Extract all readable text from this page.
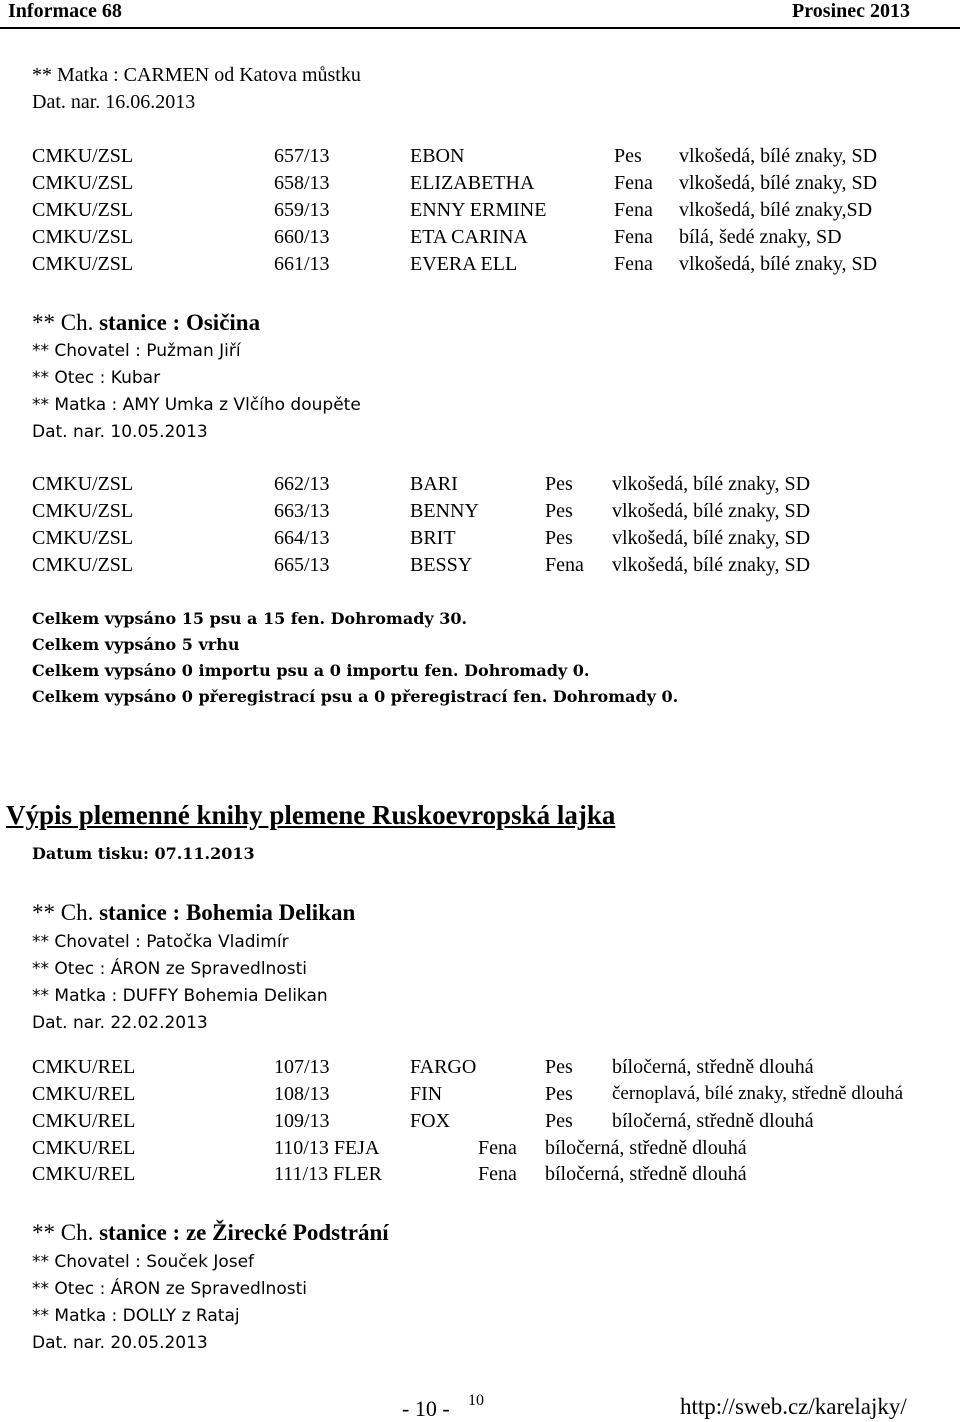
Informace 68	Prosinec 2013
** Matka : CARMEN od Katova můstku
Dat. nar. 16.06.2013
CMKU/ZSL	657/13	EBON	Pes vlkošedá, bílé znaky, SD
CMKU/ZSL	658/13	ELIZABETHA	Fena vlkošedá, bílé znaky, SD
CMKU/ZSL	659/13	ENNY ERMINE	Fena vlkošedá, bílé znaky,SD
CMKU/ZSL	660/13	ETA CARINA	Fena bílá, šedé znaky, SD
CMKU/ZSL	661/13	EVERA ELL	Fena vlkošedá, bílé znaky, SD
** Ch. stanice : Osičina
** Chovatel : Pužman Jiří
** Otec : Kubar
** Matka : AMY Umka z Vlčího doupěte
Dat. nar. 10.05.2013
CMKU/ZSL	662/13	BARI	Pes vlkošedá, bílé znaky, SD
CMKU/ZSL	663/13	BENNY	Pes vlkošedá, bílé znaky, SD
CMKU/ZSL	664/13	BRIT	Pes vlkošedá, bílé znaky, SD
CMKU/ZSL	665/13	BESSY	Fena vlkošedá, bílé znaky, SD
Celkem vypsáno 15 psu a 15 fen. Dohromady 30.
Celkem vypsáno 5 vrhu
Celkem vypsáno 0 importu psu a 0 importu fen. Dohromady 0.
Celkem vypsáno 0 přeregistrací psu a 0 přeregistrací fen. Dohromady 0.
Výpis plemenné knihy plemene Ruskoevropská lajka
Datum tisku: 07.11.2013
** Ch. stanice : Bohemia Delikan
** Chovatel : Patočka Vladimír
** Otec : ÁRON ze Spravedlnosti
** Matka : DUFFY Bohemia Delikan
Dat. nar. 22.02.2013
CMKU/REL	107/13	FARGO	Pes bíločerná, středně dlouhá
CMKU/REL	108/13	FIN	Pes černoplavá, bílé znaky, středně dlouhá
CMKU/REL	109/13	FOX	Pes bíločerná, středně dlouhá
CMKU/REL	110/13 FEJA	Fena bíločerná, středně dlouhá
CMKU/REL	111/13 FLER	Fena bíločerná, středně dlouhá
** Ch. stanice : ze Žirecké Podstrání
** Chovatel : Souček Josef
** Otec : ÁRON ze Spravedlnosti
** Matka : DOLLY z Rataj
Dat. nar. 20.05.2013
- 10 - 10	http://sweb.cz/karelajky/
